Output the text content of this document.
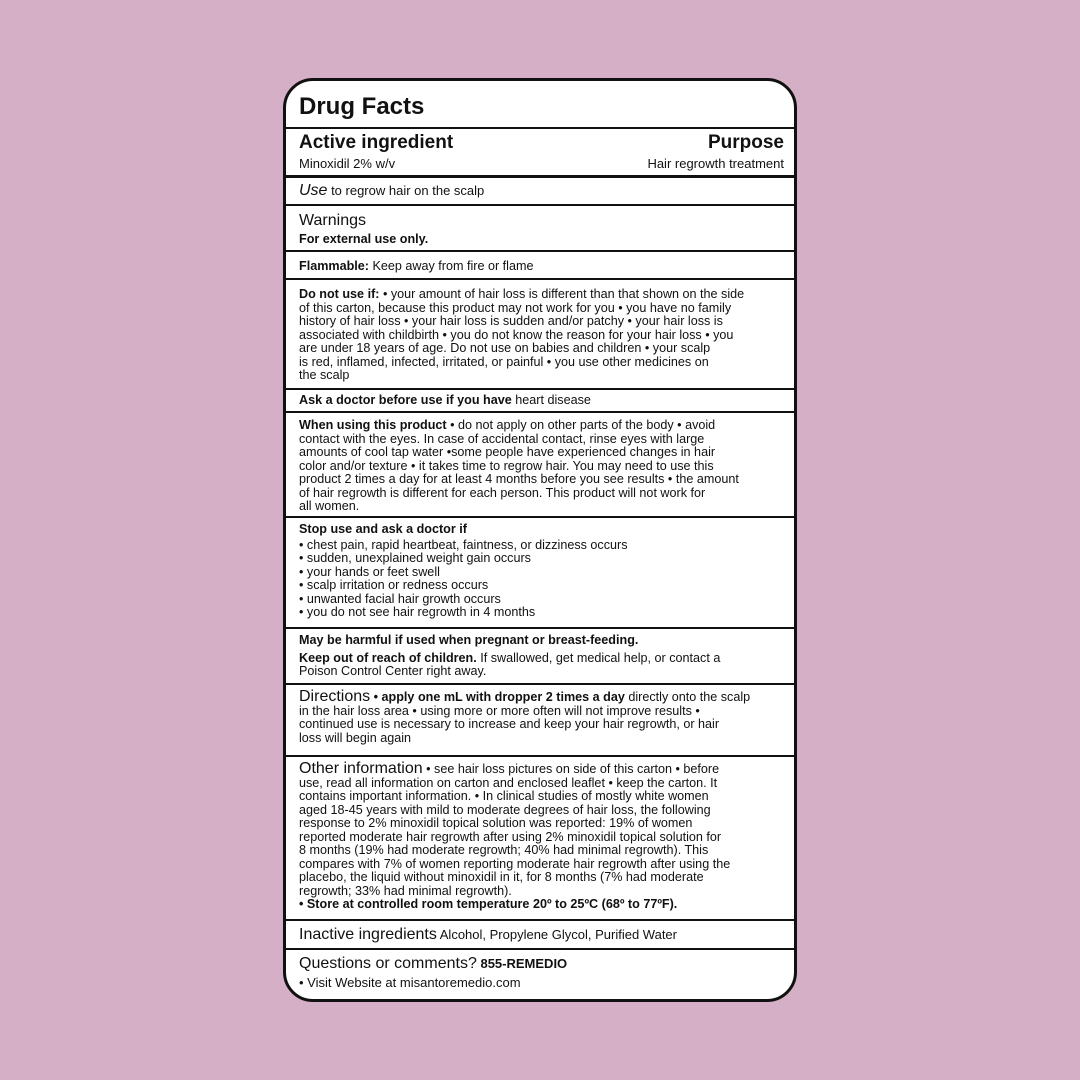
Drug Facts
Active ingredient	Purpose
Minoxidil 2% w/v	Hair regrowth treatment
Use to regrow hair on the scalp
Warnings
For external use only.
Flammable: Keep away from fire or flame
Do not use if: • your amount of hair loss is different than that shown on the side
of this carton, because this product may not work for you • you have no family
history of hair loss • your hair loss is sudden and/or patchy • your hair loss is
associated with childbirth • you do not know the reason for your hair loss • you
are under 18 years of age. Do not use on babies and children • your scalp
is red, inflamed, infected, irritated, or painful • you use other medicines on
the scalp
Ask a doctor before use if you have heart disease
When using this product • do not apply on other parts of the body • avoid
contact with the eyes. In case of accidental contact, rinse eyes with large
amounts of cool tap water •some people have experienced changes in hair
color and/or texture • it takes time to regrow hair. You may need to use this
product 2 times a day for at least 4 months before you see results • the amount
of hair regrowth is different for each person. This product will not work for
all women.
Stop use and ask a doctor if
• chest pain, rapid heartbeat, faintness, or dizziness occurs
• sudden, unexplained weight gain occurs
• your hands or feet swell
• scalp irritation or redness occurs
• unwanted facial hair growth occurs
• you do not see hair regrowth in 4 months
May be harmful if used when pregnant or breast-feeding.
Keep out of reach of children. If swallowed, get medical help, or contact a
Poison Control Center right away.
Directions • apply one mL with dropper 2 times a day directly onto the scalp
in the hair loss area • using more or more often will not improve results •
continued use is necessary to increase and keep your hair regrowth, or hair
loss will begin again
Other information • see hair loss pictures on side of this carton • before
use, read all information on carton and enclosed leaflet • keep the carton. It
contains important information. • In clinical studies of mostly white women
aged 18-45 years with mild to moderate degrees of hair loss, the following
response to 2% minoxidil topical solution was reported: 19% of women
reported moderate hair regrowth after using 2% minoxidil topical solution for
8 months (19% had moderate regrowth; 40% had minimal regrowth). This
compares with 7% of women reporting moderate hair regrowth after using the
placebo, the liquid without minoxidil in it, for 8 months (7% had moderate
regrowth; 33% had minimal regrowth).
• Store at controlled room temperature 20º to 25ºC (68º to 77ºF).
Inactive ingredients Alcohol, Propylene Glycol, Purified Water
Questions or comments? 855-REMEDIO
• Visit Website at misantoremedio.com
